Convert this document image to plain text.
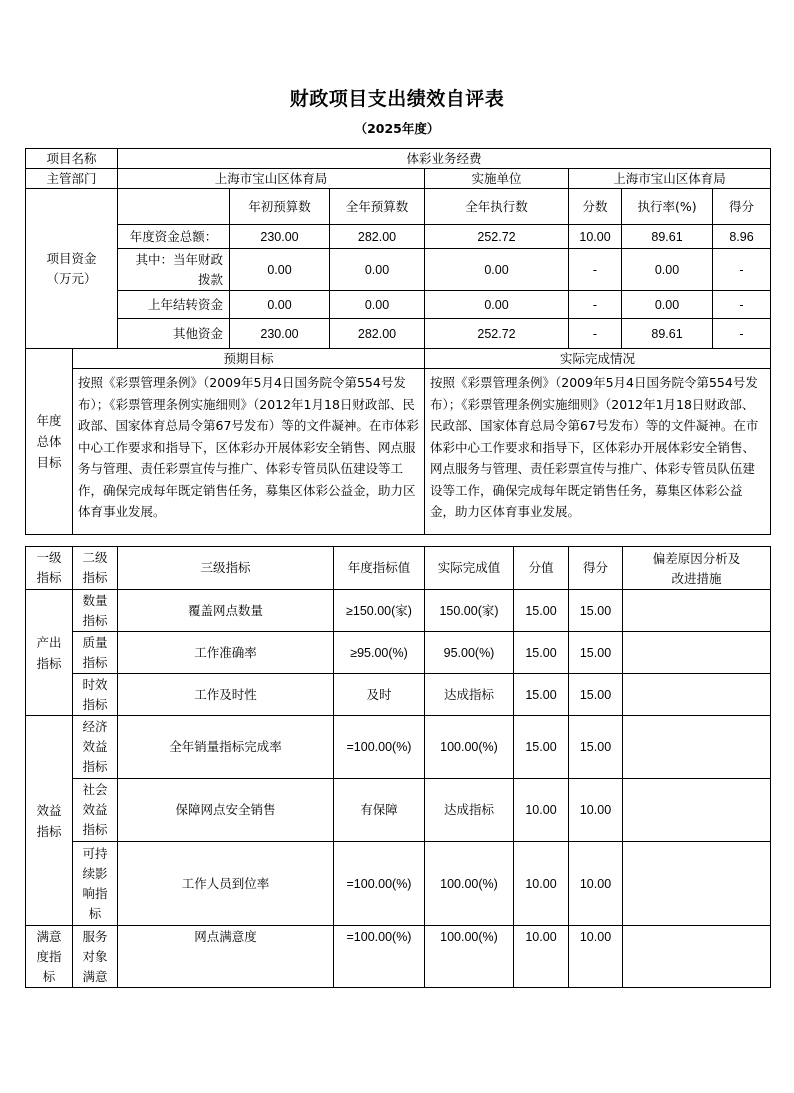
财政项目支出绩效自评表
（2025年度）
项目名称		体彩业务经费						
主管部门		上海市宝山区体育局			实施单位	上海市宝山区体育局		

项目资金（万元）			年初预算数	全年预算数	全年执行数	分数	执行率(%)	得分
		年度资金总额：	230.00	282.00	252.72	10.00	89.61	8.96

		其中：当年财政拨款	0.00	0.00	0.00	-	0.00	-
		上年结转资金	0.00	0.00	0.00	-	0.00	-
		其他资金	230.00	282.00	252.72	-	89.61	-

年度总体目标	预期目标				实际完成情况			
	按照《彩票管理条例》（2009年5月4日国务院令第554号发布）；《彩票管理条例实施细则》（2012年1月18日财政部、民政部、国家体育总局令第67号发布）等的文件凝神。在市体彩中心工作要求和指导下，区体彩办开展体彩安全销售、网点服务与管理、责任彩票宣传与推广、体彩专管员队伍建设等工作，确保完成每年既定销售任务，募集区体彩公益金，助力区体育事业发展。				按照《彩票管理条例》（2009年5月4日国务院令第554号发布）；《彩票管理条例实施细则》（2012年1月18日财政部、民政部、国家体育总局令第67号发布）等的文件凝神。在市体彩中心工作要求和指导下，区体彩办开展体彩安全销售、网点服务与管理、责任彩票宣传与推广、体彩专管员队伍建设等工作，确保完成每年既定销售任务，募集区体彩公益金，助力区体育事业发展。			
一级指标	二级指标	三级指标	年度指标值	实际完成值	分值	得分	偏差原因分析及改进措施

产出指标	数量指标	覆盖网点数量	≥150.00(家)	150.00(家)	15.00	15.00	

	质量指标	工作准确率	≥95.00(%)	95.00(%)	15.00	15.00	

	时效指标	工作及时性	及时	达成指标	15.00	15.00	

效益指标	经济效益指标	全年销量指标完成率	=100.00(%)	100.00(%)	15.00	15.00	

	社会效益指标	保障网点安全销售	有保障	达成指标	10.00	10.00	

	可持续影响指标	工作人员到位率	=100.00(%)	100.00(%)	10.00	10.00	

满意度指标	服务对象满意	网点满意度	=100.00(%)	100.00(%)	10.00	10.00	
